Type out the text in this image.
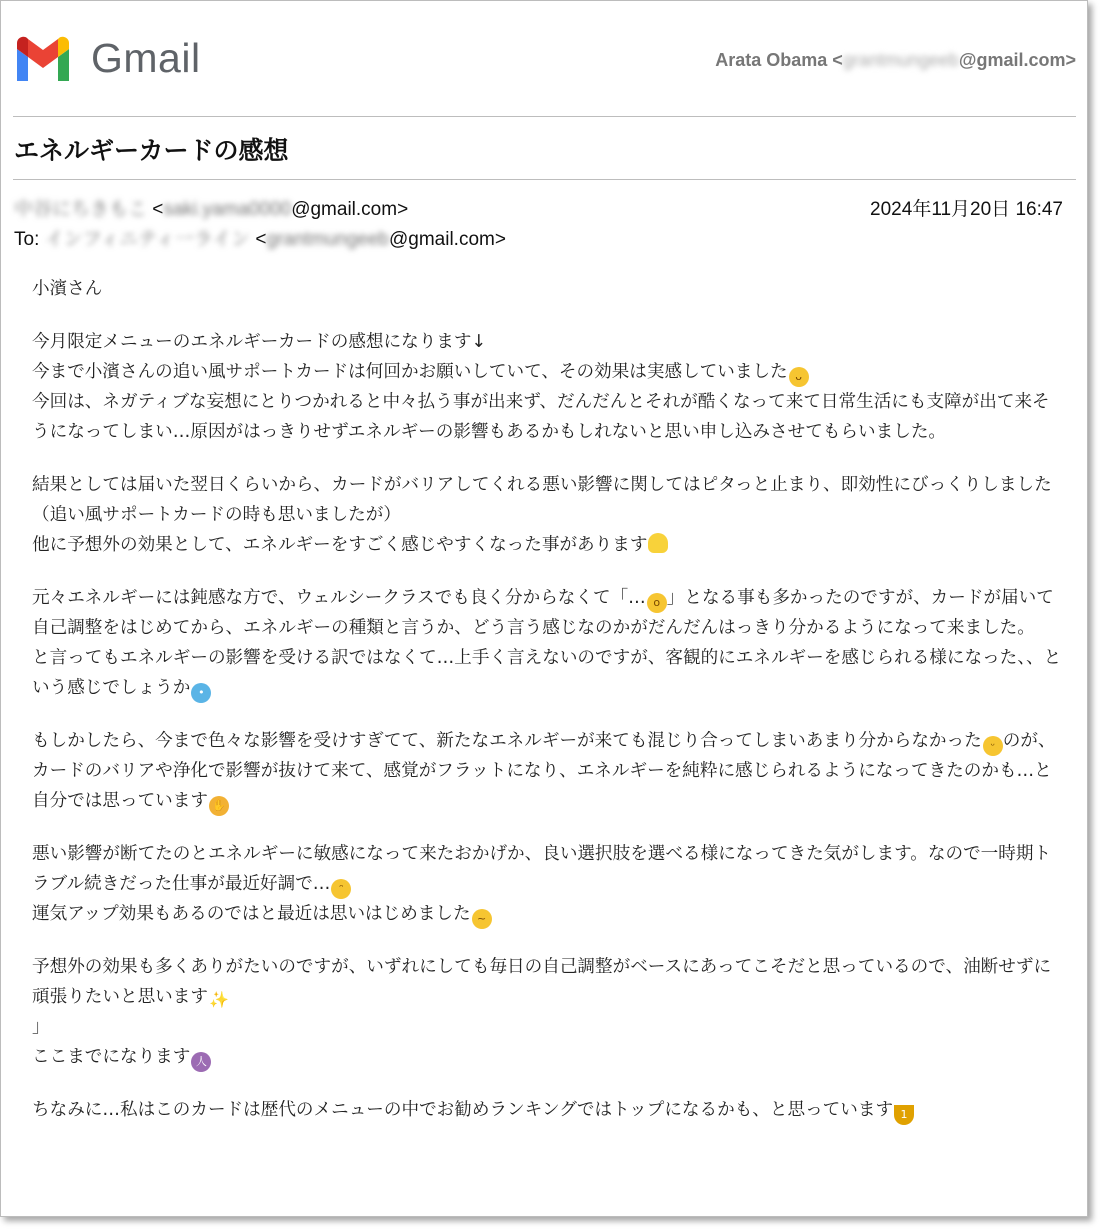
Gmail	Arata Obama <grantmungeeb@gmail.com>
エネルギーカードの感想
中谷にちきもこ <saki.yama0000@gmail.com>	2024年11月20日 16:47
To: インフィニティ一ライン <grantmungeeb@gmail.com>

小濱さん

今月限定メニューのエネルギーカードの感想になります↓
今まで小濱さんの追い風サポートカードは何回かお願いしていて、その効果は実感していました ᴗ
今回は、ネガティブな妄想にとりつかれると中々払う事が出来ず、だんだんとそれが酷くなって来て日常生活にも支障が出て来そうになってしまい…原因がはっきりせずエネルギーの影響もあるかもしれないと思い申し込みさせてもらいました。

結果としては届いた翌日くらいから、カードがバリアしてくれる悪い影響に関してはピタっと止まり、即効性にびっくりしました（追い風サポートカードの時も思いましたが）
他に予想外の効果として、エネルギーをすごく感じやすくなった事があります

元々エネルギーには鈍感な方で、ウェルシークラスでも良く分からなくて「… o 」となる事も多かったのですが、カードが届いて自己調整をはじめてから、エネルギーの種類と言うか、どう言う感じなのかがだんだんはっきり分かるようになって来ました。
と言ってもエネルギーの影響を受ける訳ではなくて…上手く言えないのですが、客観的にエネルギーを感じられる様になった、、という感じでしょうか •

もしかしたら、今まで色々な影響を受けすぎてて、新たなエネルギーが来ても混じり合ってしまいあまり分からなかった ᵕ のが、カードのバリアや浄化で影響が抜けて来て、感覚がフラットになり、エネルギーを純粋に感じられるようになってきたのかも…と自分では思っています ✋

悪い影響が断てたのとエネルギーに敏感になって来たおかげか、良い選択肢を選べる様になってきた気がします。なので一時期トラブル続きだった仕事が最近好調で… ᵔ
運気アップ効果もあるのではと最近は思いはじめました ~

予想外の効果も多くありがたいのですが、いずれにしても毎日の自己調整がベースにあってこそだと思っているので、油断せずに頑張りたいと思います✨
」
ここまでになります 人

ちなみに…私はこのカードは歴代のメニューの中でお勧めランキングではトップになるかも、と思っています 1
